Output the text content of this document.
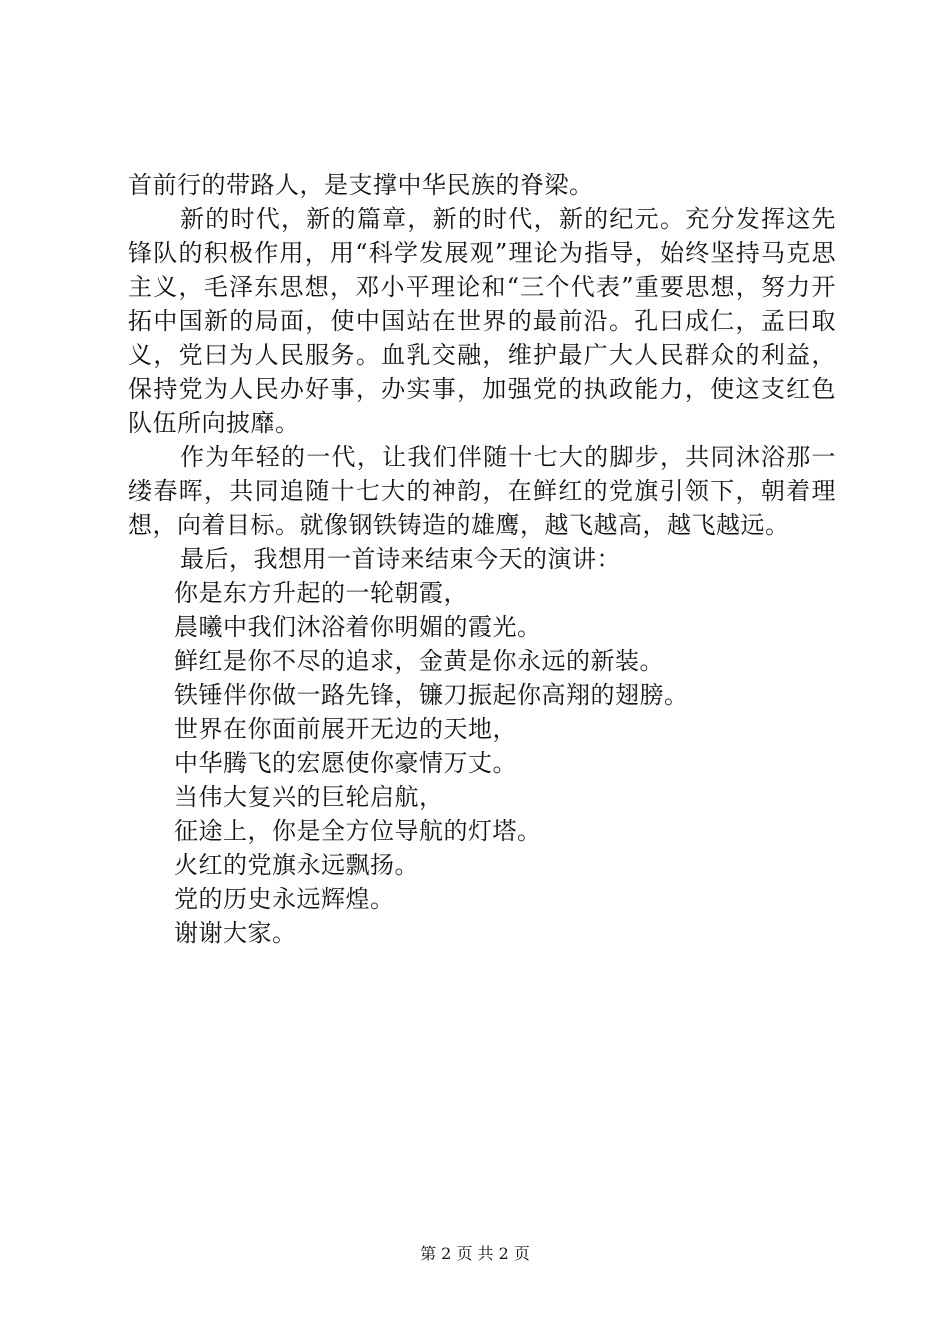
首前行的带路人，是支撑中华民族的脊梁。

新的时代，新的篇章，新的时代，新的纪元。充分发挥这先锋队的积极作用，用“科学发展观”理论为指导，始终坚持马克思主义，毛泽东思想，邓小平理论和“三个代表”重要思想，努力开拓中国新的局面，使中国站在世界的最前沿。孔曰成仁，孟曰取义，党曰为人民服务。血乳交融，维护最广大人民群众的利益，保持党为人民办好事，办实事，加强党的执政能力，使这支红色队伍所向披靡。

作为年轻的一代，让我们伴随十七大的脚步，共同沐浴那一缕春晖，共同追随十七大的神韵，在鲜红的党旗引领下，朝着理想，向着目标。就像钢铁铸造的雄鹰，越飞越高，越飞越远。

最后，我想用一首诗来结束今天的演讲：

你是东方升起的一轮朝霞，

晨曦中我们沐浴着你明媚的霞光。

鲜红是你不尽的追求，金黄是你永远的新装。

铁锤伴你做一路先锋，镰刀振起你高翔的翅膀。

世界在你面前展开无边的天地，

中华腾飞的宏愿使你豪情万丈。

当伟大复兴的巨轮启航，

征途上，你是全方位导航的灯塔。

火红的党旗永远飘扬。

党的历史永远辉煌。

谢谢大家。

第 2 页 共 2 页
